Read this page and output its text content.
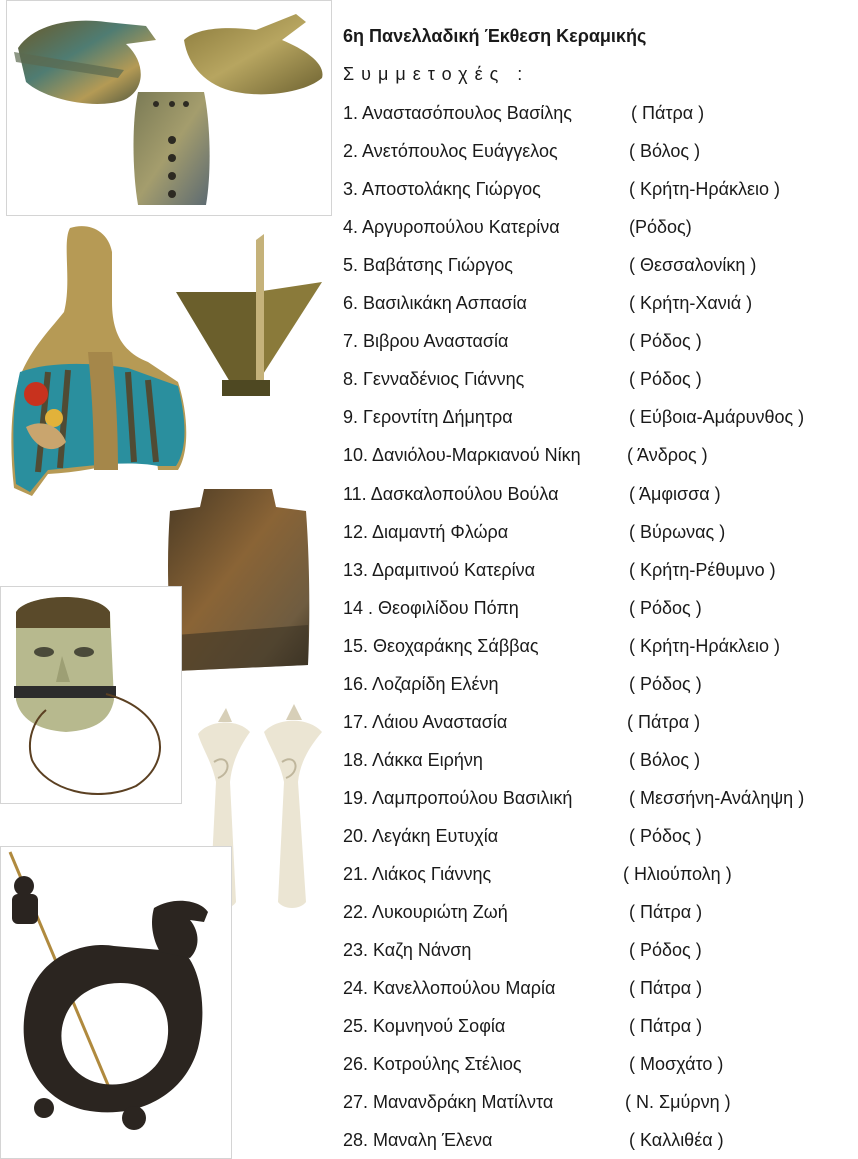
6η Πανελλαδική Έκθεση Κεραμικής
Συμμετοχές :
1. Αναστασόπουλος Βασίλης	( Πάτρα )
2. Ανετόπουλος Ευάγγελος	( Βόλος )
3. Αποστολάκης Γιώργος	( Κρήτη-Ηράκλειο )
4. Αργυροπούλου Κατερίνα	(Ρόδος)
5. Βαβάτσης Γιώργος	( Θεσσαλονίκη )
6. Βασιλικάκη Ασπασία	( Κρήτη-Χανιά )
7. Βιβρου Αναστασία	( Ρόδος )
8. Γενναδένιος Γιάννης	( Ρόδος )
9. Γεροντίτη Δήμητρα	( Εύβοια-Αμάρυνθος )
10. Δανιόλου-Μαρκιανού Νίκη	( Άνδρος )
11. Δασκαλοπούλου Βούλα	( Άμφισσα )
12. Διαμαντή Φλώρα	( Βύρωνας )
13. Δραμιτινού Κατερίνα	( Κρήτη-Ρέθυμνο )
14 . Θεοφιλίδου Πόπη	( Ρόδος )
15. Θεοχαράκης Σάββας	( Κρήτη-Ηράκλειο )
16. Λοζαρίδη Ελένη	( Ρόδος )
17. Λάιου Αναστασία	( Πάτρα )
18. Λάκκα Ειρήνη	( Βόλος )
19. Λαμπροπούλου Βασιλική	( Μεσσήνη-Ανάληψη )
20. Λεγάκη Ευτυχία	( Ρόδος )
21. Λιάκος Γιάννης	( Ηλιούπολη )
22. Λυκουριώτη Ζωή	( Πάτρα )
23. Καζη Νάνση	( Ρόδος )
24. Κανελλοπούλου Μαρία	( Πάτρα )
25. Κομνηνού Σοφία	( Πάτρα )
26. Κοτρούλης Στέλιος	( Μοσχάτο )
27. Μανανδράκη Ματίλντα	( Ν. Σμύρνη )
28. Μαναλη Έλενα	( Καλλιθέα )
